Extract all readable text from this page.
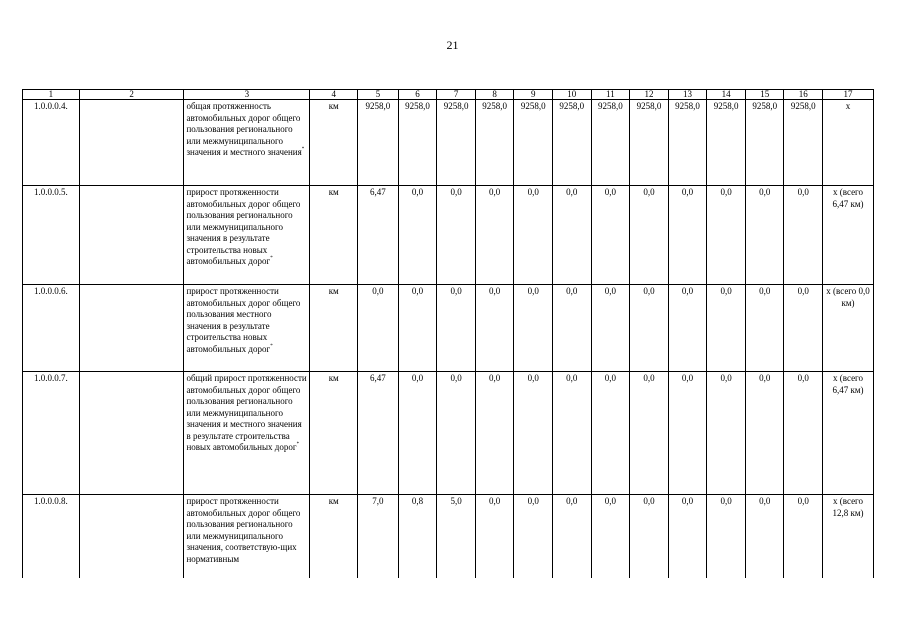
21
1	2	3	4	5	6	7	8	9	10	11	12	13	14	15	16	17
1.0.0.0.4.		общая протяженность автомобильных дорог общего пользования регионального или межмуниципального значения и местного значения*	км	9258,0	9258,0	9258,0	9258,0	9258,0	9258,0	9258,0	9258,0	9258,0	9258,0	9258,0	9258,0	x
1.0.0.0.5.		прирост протяженности автомобильных дорог общего пользования регионального или межмуниципального значения в результате строительства новых автомобильных дорог*	км	6,47	0,0	0,0	0,0	0,0	0,0	0,0	0,0	0,0	0,0	0,0	0,0	x (всего 6,47 км)
1.0.0.0.6.		прирост протяженности автомобильных дорог общего пользования местного значения в результате строительства новых автомобильных дорог*	км	0,0	0,0	0,0	0,0	0,0	0,0	0,0	0,0	0,0	0,0	0,0	0,0	x (всего 0,0 км)
1.0.0.0.7.		общий прирост протяженности автомобильных дорог общего пользования регионального или межмуниципального значения и местного значения в результате строительства новых автомобильных дорог*	км	6,47	0,0	0,0	0,0	0,0	0,0	0,0	0,0	0,0	0,0	0,0	0,0	x (всего 6,47 км)
1.0.0.0.8.		прирост протяженности автомобильных дорог общего пользования регионального или межмуниципального значения, соответствую-щих нормативным	км	7,0	0,8	5,0	0,0	0,0	0,0	0,0	0,0	0,0	0,0	0,0	0,0	x (всего 12,8 км)
